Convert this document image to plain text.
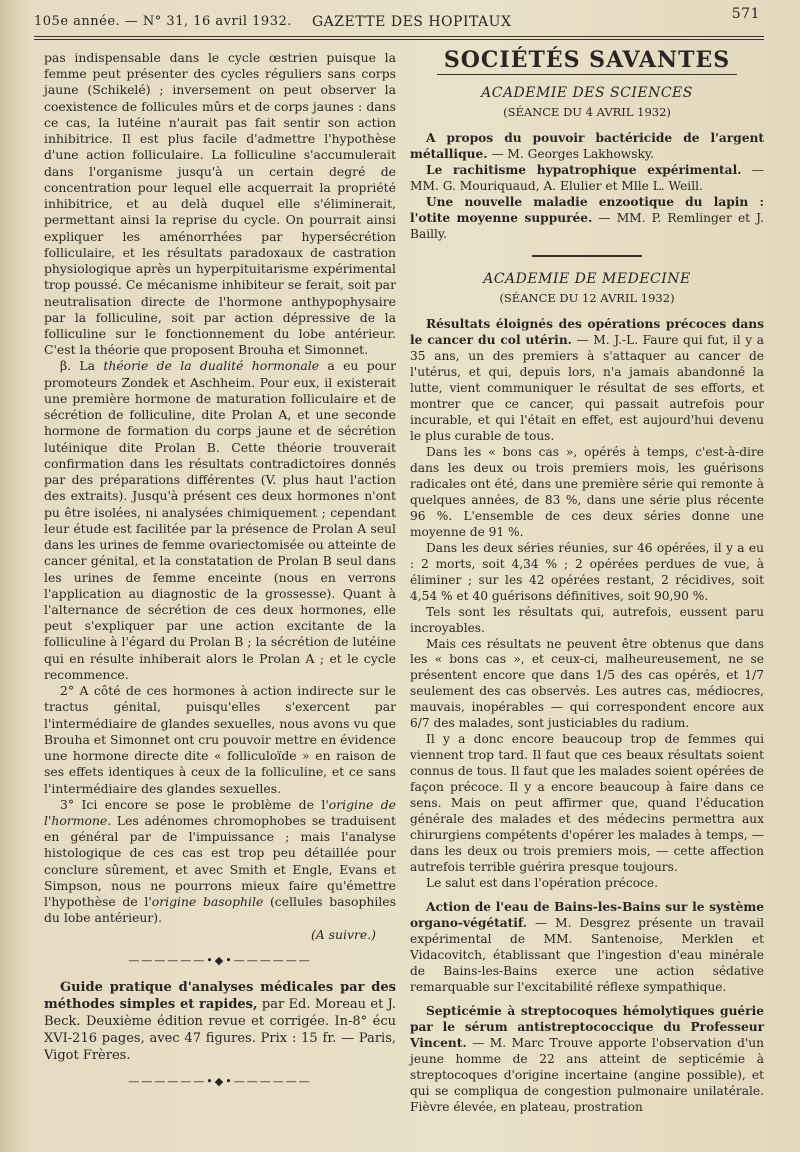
105e année. — N° 31, 16 avril 1932. GAZETTE DES HOPITAUX	571

pas indispensable dans le cycle œstrien puisque la femme peut présenter des cycles réguliers sans corps jaune (Schikelé) ; inversement on peut observer la coexistence de follicules mûrs et de corps jaunes : dans ce cas, la lutéine n'aurait pas fait sentir son action inhibitrice. Il est plus facile d'admettre l'hypothèse d'une action folliculaire. La folliculine s'accumulerait dans l'organisme jusqu'à un certain degré de concentration pour lequel elle acquerrait la propriété inhibitrice, et au delà duquel elle s'éliminerait, permettant ainsi la reprise du cycle. On pourrait ainsi expliquer les aménorrhées par hypersécrétion folliculaire, et les résultats paradoxaux de castration physiologique après un hyperpituitarisme expérimental trop poussé. Ce mécanisme inhibiteur se ferait, soit par neutralisation directe de l'hormone anthypophysaire par la folliculine, soit par action dépressive de la folliculine sur le fonctionnement du lobe antérieur. C'est la théorie que proposent Brouha et Simonnet.

β. La théorie de la dualité hormonale a eu pour promoteurs Zondek et Aschheim. Pour eux, il existerait une première hormone de maturation folliculaire et de sécrétion de folliculine, dite Prolan A, et une seconde hormone de formation du corps jaune et de sécrétion lutéinique dite Prolan B. Cette théorie trouverait confirmation dans les résultats contradictoires donnés par des préparations différentes (V. plus haut l'action des extraits). Jusqu'à présent ces deux hormones n'ont pu être isolées, ni analysées chimiquement ; cependant leur étude est facilitée par la présence de Prolan A seul dans les urines de femme ovariectomisée ou atteinte de cancer génital, et la constatation de Prolan B seul dans les urines de femme enceinte (nous en verrons l'application au diagnostic de la grossesse). Quant à l'alternance de sécrétion de ces deux hormones, elle peut s'expliquer par une action excitante de la folliculine à l'égard du Prolan B ; la sécrétion de lutéine qui en résulte inhiberait alors le Prolan A ; et le cycle recommence.

2° A côté de ces hormones à action indirecte sur le tractus génital, puisqu'elles s'exercent par l'intermédiaire de glandes sexuelles, nous avons vu que Brouha et Simonnet ont cru pouvoir mettre en évidence une hormone directe dite « folliculoïde » en raison de ses effets identiques à ceux de la folliculine, et ce sans l'intermédiaire des glandes sexuelles.

3° Ici encore se pose le problème de l'origine de l'hormone. Les adénomes chromophobes se traduisent en général par de l'impuissance ; mais l'analyse histologique de ces cas est trop peu détaillée pour conclure sûrement, et avec Smith et Engle, Evans et Simpson, nous ne pourrons mieux faire qu'émettre l'hypothèse de l'origine basophile (cellules basophiles du lobe antérieur).

(A suivre.)

——————•◆•——————

Guide pratique d'analyses médicales par des méthodes simples et rapides, par Ed. Moreau et J. Beck. Deuxième édition revue et corrigée. In-8° écu XVI-216 pages, avec 47 figures. Prix : 15 fr. — Paris, Vigot Frères.

——————•◆•——————
SOCIÉTÉS SAVANTES
ACADEMIE DES SCIENCES
(SÉANCE DU 4 AVRIL 1932)

A propos du pouvoir bactéricide de l'argent métallique. — M. Georges Lakhowsky.

Le rachitisme hypatrophique expérimental. — MM. G. Mouriquaud, A. Elulier et Mlle L. Weill.

Une nouvelle maladie enzootique du lapin : l'otite moyenne suppurée. — MM. P. Remlinger et J. Bailly.

ACADEMIE DE MEDECINE
(SÉANCE DU 12 AVRIL 1932)

Résultats éloignés des opérations précoces dans le cancer du col utérin. — M. J.-L. Faure qui fut, il y a 35 ans, un des premiers à s'attaquer au cancer de l'utérus, et qui, depuis lors, n'a jamais abandonné la lutte, vient communiquer le résultat de ses efforts, et montrer que ce cancer, qui passait autrefois pour incurable, et qui l'était en effet, est aujourd'hui devenu le plus curable de tous.

Dans les « bons cas », opérés à temps, c'est-à-dire dans les deux ou trois premiers mois, les guérisons radicales ont été, dans une première série qui remonte à quelques années, de 83 %, dans une série plus récente 96 %. L'ensemble de ces deux séries donne une moyenne de 91 %.

Dans les deux séries réunies, sur 46 opérées, il y a eu : 2 morts, soit 4,34 % ; 2 opérées perdues de vue, à éliminer ; sur les 42 opérées restant, 2 récidives, soit 4,54 % et 40 guérisons définitives, soit 90,90 %.

Tels sont les résultats qui, autrefois, eussent paru incroyables.

Mais ces résultats ne peuvent être obtenus que dans les « bons cas », et ceux-ci, malheureusement, ne se présentent encore que dans 1/5 des cas opérés, et 1/7 seulement des cas observés. Les autres cas, médiocres, mauvais, inopérables — qui correspondent encore aux 6/7 des malades, sont justiciables du radium.

Il y a donc encore beaucoup trop de femmes qui viennent trop tard. Il faut que ces beaux résultats soient connus de tous. Il faut que les malades soient opérées de façon précoce. Il y a encore beaucoup à faire dans ce sens. Mais on peut affirmer que, quand l'éducation générale des malades et des médecins permettra aux chirurgiens compétents d'opérer les malades à temps, — dans les deux ou trois premiers mois, — cette affection autrefois terrible guérira presque toujours.

Le salut est dans l'opération précoce.

Action de l'eau de Bains-les-Bains sur le système organo-végétatif. — M. Desgrez présente un travail expérimental de MM. Santenoise, Merklen et Vidacovitch, établissant que l'ingestion d'eau minérale de Bains-les-Bains exerce une action sédative remarquable sur l'excitabilité réflexe sympathique.

Septicémie à streptocoques hémolytiques guérie par le sérum antistreptococcique du Professeur Vincent. — M. Marc Trouve apporte l'observation d'un jeune homme de 22 ans atteint de septicémie à streptocoques d'origine incertaine (angine possible), et qui se compliqua de congestion pulmonaire unilatérale. Fièvre élevée, en plateau, prostration
